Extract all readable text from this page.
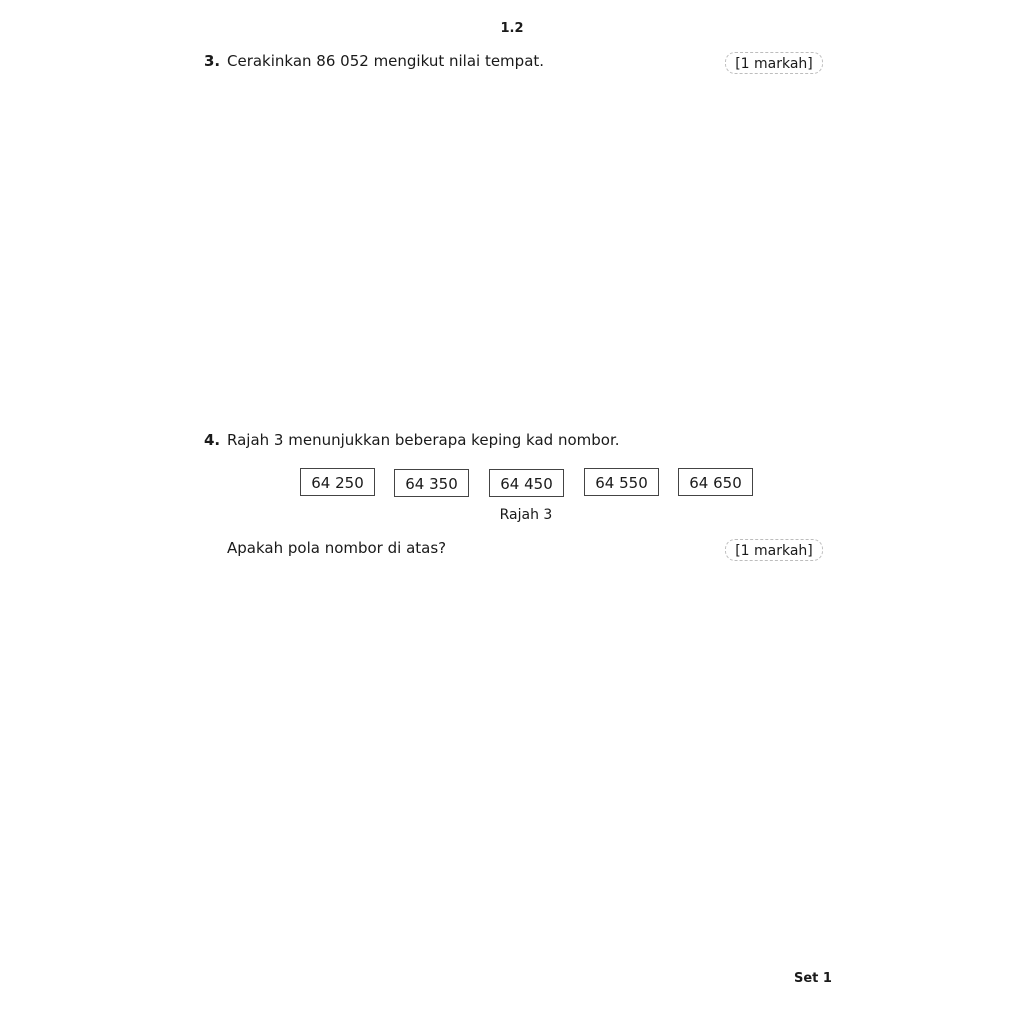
1.2
3. Cerakinkan 86 052 mengikut nilai tempat.	[1 markah]
4. Rajah 3 menunjukkan beberapa keping kad nombor.
64 250	64 350	64 450	64 550	64 650
Rajah 3
Apakah pola nombor di atas?	[1 markah]
Set 1
